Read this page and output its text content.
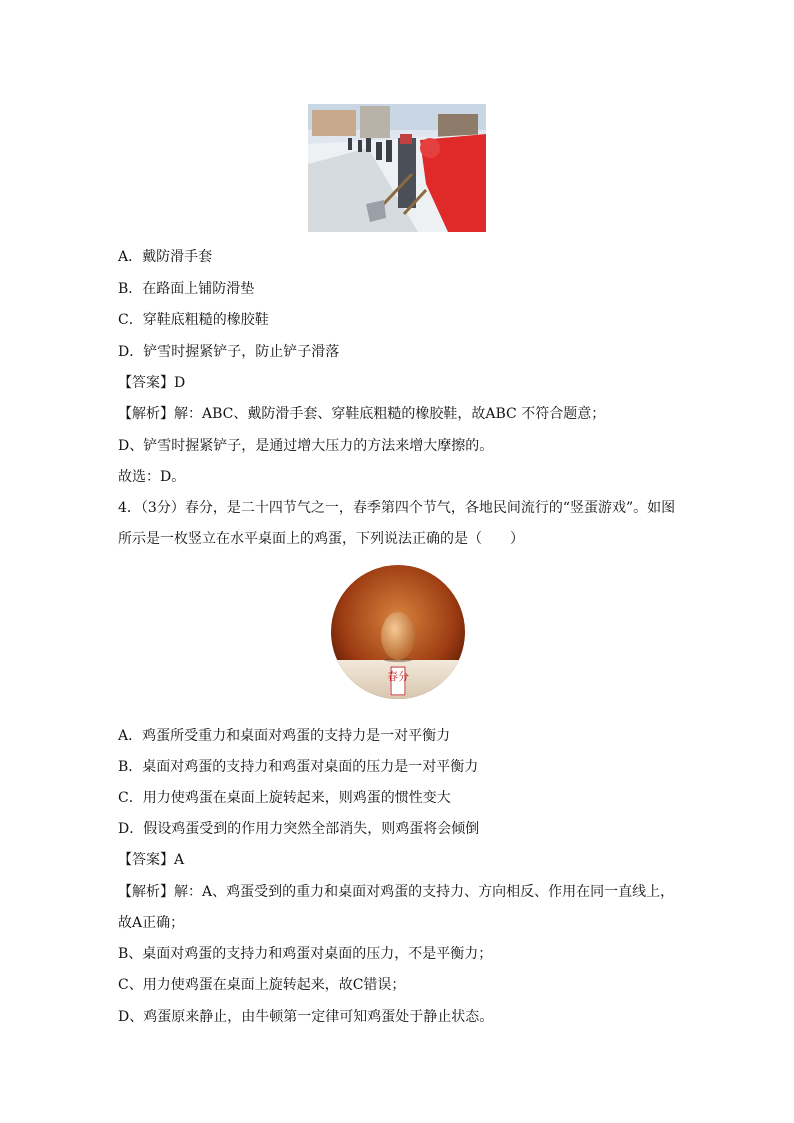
A．戴防滑手套
B．在路面上铺防滑垫
C．穿鞋底粗糙的橡胶鞋
D．铲雪时握紧铲子，防止铲子滑落
【答案】D
【解析】解：ABC、戴防滑手套、穿鞋底粗糙的橡胶鞋，故ABC 不符合题意；
D、铲雪时握紧铲子，是通过增大压力的方法来增大摩擦的。
故选：D。
4．（3分）春分，是二十四节气之一，春季第四个节气，各地民间流行的“竖蛋游戏”。如图
所示是一枚竖立在水平桌面上的鸡蛋，下列说法正确的是（　　）
春分
A．鸡蛋所受重力和桌面对鸡蛋的支持力是一对平衡力
B．桌面对鸡蛋的支持力和鸡蛋对桌面的压力是一对平衡力
C．用力使鸡蛋在桌面上旋转起来，则鸡蛋的惯性变大
D．假设鸡蛋受到的作用力突然全部消失，则鸡蛋将会倾倒
【答案】A
【解析】解：A、鸡蛋受到的重力和桌面对鸡蛋的支持力、方向相反、作用在同一直线上，
故A正确；
B、桌面对鸡蛋的支持力和鸡蛋对桌面的压力，不是平衡力；
C、用力使鸡蛋在桌面上旋转起来，故C错误；
D、鸡蛋原来静止，由牛顿第一定律可知鸡蛋处于静止状态。
